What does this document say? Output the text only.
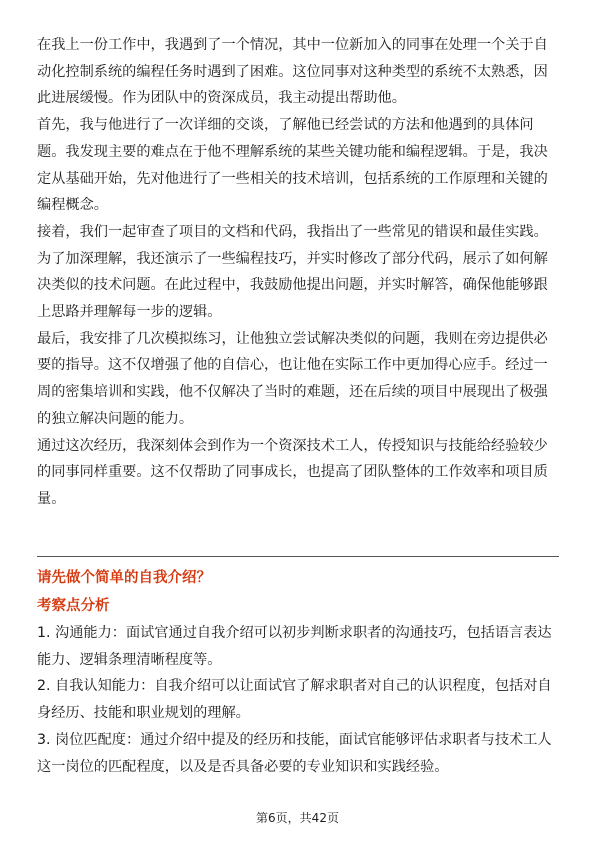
在我上一份工作中，我遇到了一个情况，其中一位新加入的同事在处理一个关于自

动化控制系统的编程任务时遇到了困难。这位同事对这种类型的系统不太熟悉，因

此进展缓慢。作为团队中的资深成员，我主动提出帮助他。

首先，我与他进行了一次详细的交谈，了解他已经尝试的方法和他遇到的具体问

题。我发现主要的难点在于他不理解系统的某些关键功能和编程逻辑。于是，我决

定从基础开始，先对他进行了一些相关的技术培训，包括系统的工作原理和关键的

编程概念。

接着，我们一起审查了项目的文档和代码，我指出了一些常见的错误和最佳实践。

为了加深理解，我还演示了一些编程技巧，并实时修改了部分代码，展示了如何解

决类似的技术问题。在此过程中，我鼓励他提出问题，并实时解答，确保他能够跟

上思路并理解每一步的逻辑。

最后，我安排了几次模拟练习，让他独立尝试解决类似的问题，我则在旁边提供必

要的指导。这不仅增强了他的自信心，也让他在实际工作中更加得心应手。经过一

周的密集培训和实践，他不仅解决了当时的难题，还在后续的项目中展现出了极强

的独立解决问题的能力。

通过这次经历，我深刻体会到作为一个资深技术工人，传授知识与技能给经验较少

的同事同样重要。这不仅帮助了同事成长，也提高了团队整体的工作效率和项目质

量。

请先做个简单的自我介绍？
考察点分析

1. 沟通能力：面试官通过自我介绍可以初步判断求职者的沟通技巧，包括语言表达

能力、逻辑条理清晰程度等。

2. 自我认知能力：自我介绍可以让面试官了解求职者对自己的认识程度，包括对自

身经历、技能和职业规划的理解。

3. 岗位匹配度：通过介绍中提及的经历和技能，面试官能够评估求职者与技术工人

这一岗位的匹配程度，以及是否具备必要的专业知识和实践经验。

第6页，共42页
